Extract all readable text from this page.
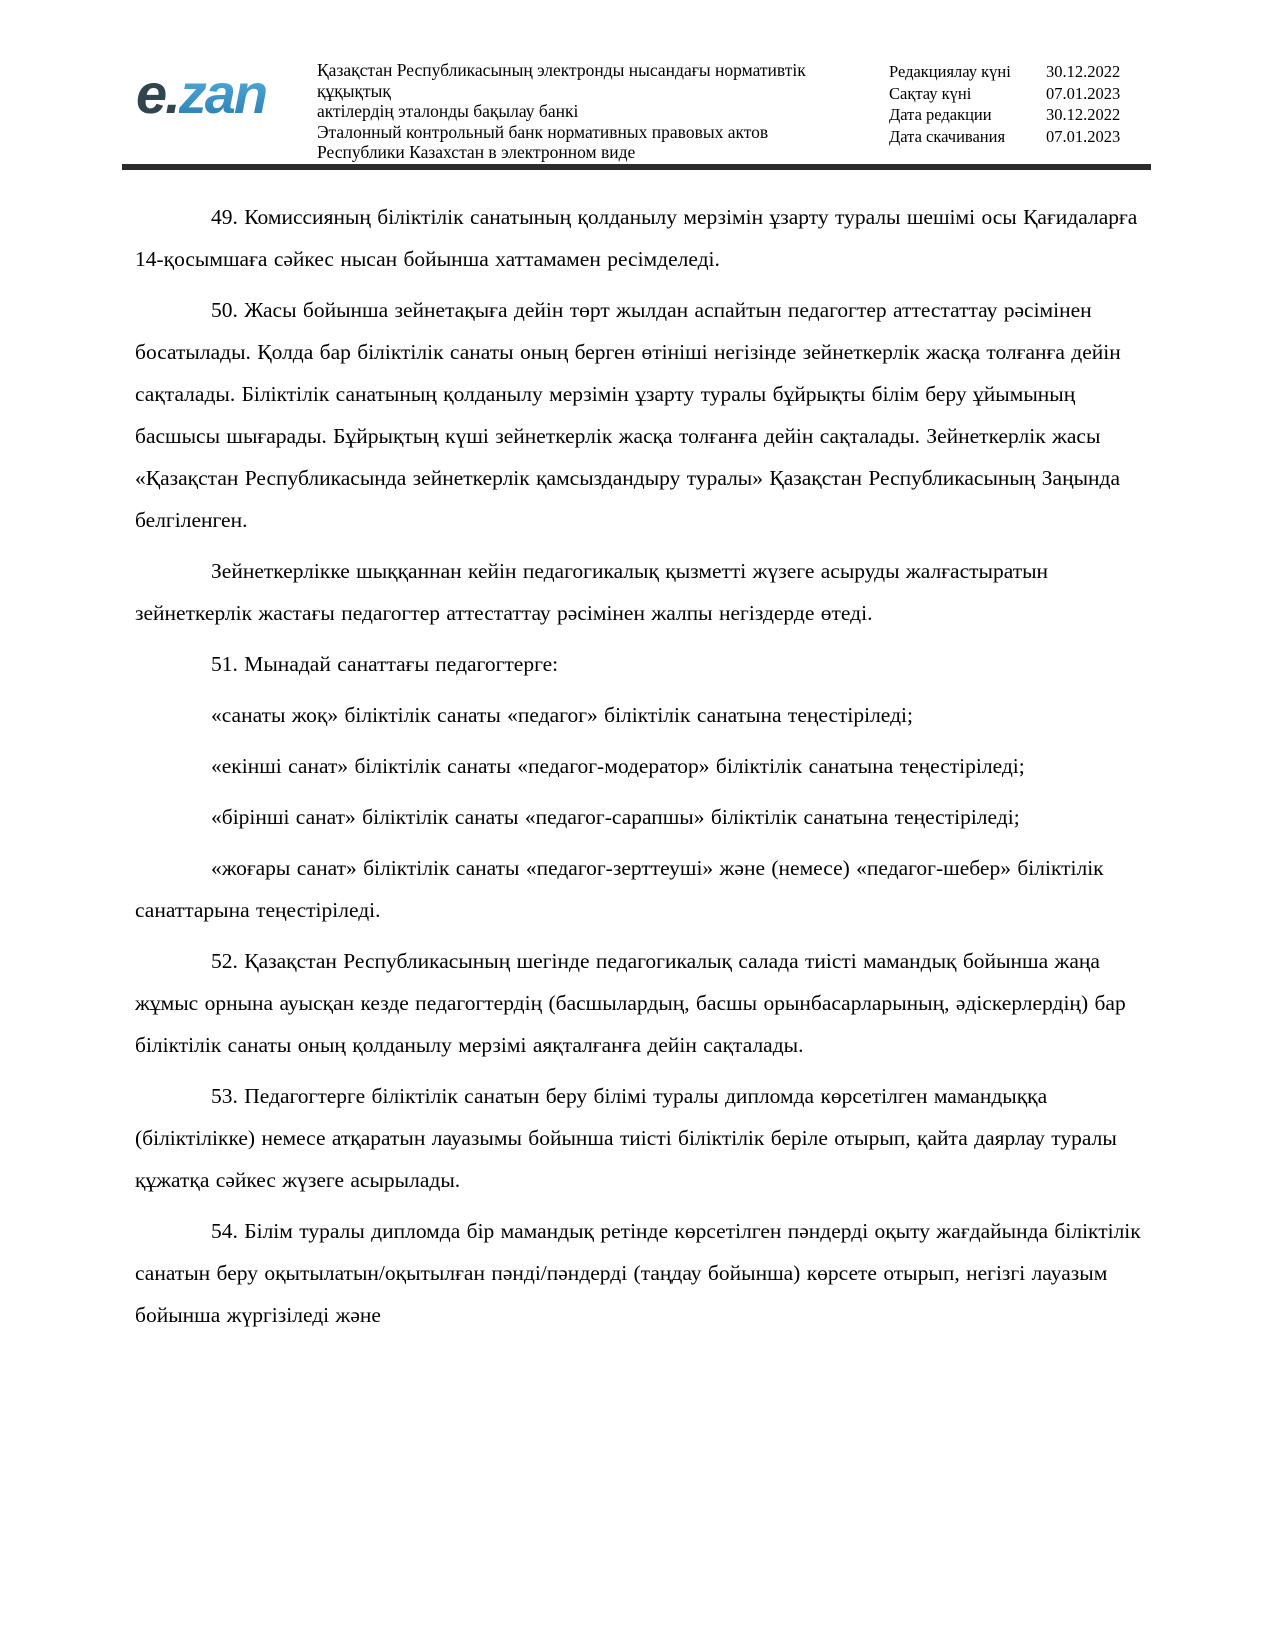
e.zan	Қазақстан Республикасының электронды нысандағы нормативтік құқықтық
актілердің эталонды бақылау банкі
Эталонный контрольный банк нормативных правовых актов
Республики Казахстан в электронном виде
Редакциялау күні	30.12.2022
Сақтау күні	07.01.2023
Дата редакции	30.12.2022
Дата скачивания	07.01.2023

49. Комиссияның біліктілік санатының қолданылу мерзімін ұзарту туралы шешімі осы Қағидаларға 14-қосымшаға сәйкес нысан бойынша хаттамамен ресімделеді.

50. Жасы бойынша зейнетақыға дейін төрт жылдан аспайтын педагогтер аттестаттау рәсімінен босатылады. Қолда бар біліктілік санаты оның берген өтініші негізінде зейнеткерлік жасқа толғанға дейін сақталады. Біліктілік санатының қолданылу мерзімін ұзарту туралы бұйрықты білім беру ұйымының басшысы шығарады. Бұйрықтың күші зейнеткерлік жасқа толғанға дейін сақталады. Зейнеткерлік жасы «Қазақстан Республикасында зейнеткерлік қамсыздандыру туралы» Қазақстан Республикасының Заңында белгіленген.

Зейнеткерлікке шыққаннан кейін педагогикалық қызметті жүзеге асыруды жалғастыратын зейнеткерлік жастағы педагогтер аттестаттау рәсімінен жалпы негіздерде өтеді.

51. Мынадай санаттағы педагогтерге:

«санаты жоқ» біліктілік санаты «педагог» біліктілік санатына теңестіріледі;

«екінші санат» біліктілік санаты «педагог-модератор» біліктілік санатына теңестіріледі;

«бірінші санат» біліктілік санаты «педагог-сарапшы» біліктілік санатына теңестіріледі;

«жоғары санат» біліктілік санаты «педагог-зерттеуші» және (немесе) «педагог-шебер» біліктілік санаттарына теңестіріледі.

52. Қазақстан Республикасының шегінде педагогикалық салада тиісті мамандық бойынша жаңа жұмыс орнына ауысқан кезде педагогтердің (басшылардың, басшы орынбасарларының, әдіскерлердің) бар біліктілік санаты оның қолданылу мерзімі аяқталғанға дейін сақталады.

53. Педагогтерге біліктілік санатын беру білімі туралы дипломда көрсетілген мамандыққа (біліктілікке) немесе атқаратын лауазымы бойынша тиісті біліктілік беріле отырып, қайта даярлау туралы құжатқа сәйкес жүзеге асырылады.

54. Білім туралы дипломда бір мамандық ретінде көрсетілген пәндерді оқыту жағдайында біліктілік санатын беру оқытылатын/оқытылған пәнді/пәндерді (таңдау бойынша) көрсете отырып, негізгі лауазым бойынша жүргізіледі және
